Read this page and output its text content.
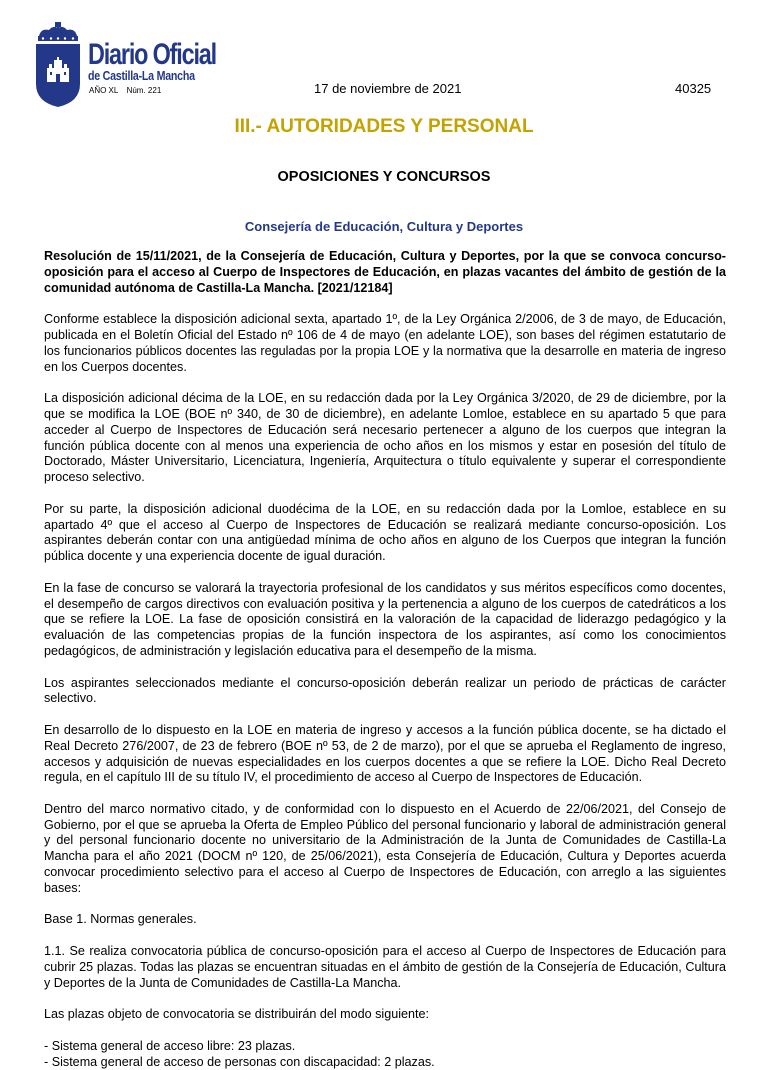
Diario Oficial
de Castilla-La Mancha
AÑO XL Núm. 221	17 de noviembre de 2021	40325
III.- AUTORIDADES Y PERSONAL
OPOSICIONES Y CONCURSOS
Consejería de Educación, Cultura y Deportes

Resolución de 15/11/2021, de la Consejería de Educación, Cultura y Deportes, por la que se convoca concurso-oposición para el acceso al Cuerpo de Inspectores de Educación, en plazas vacantes del ámbito de gestión de la comunidad autónoma de Castilla-La Mancha. [2021/12184]

Conforme establece la disposición adicional sexta, apartado 1º, de la Ley Orgánica 2/2006, de 3 de mayo, de Educación, publicada en el Boletín Oficial del Estado nº 106 de 4 de mayo (en adelante LOE), son bases del régimen estatutario de los funcionarios públicos docentes las reguladas por la propia LOE y la normativa que la desarrolle en materia de ingreso en los Cuerpos docentes.

La disposición adicional décima de la LOE, en su redacción dada por la Ley Orgánica 3/2020, de 29 de diciembre, por la que se modifica la LOE (BOE nº 340, de 30 de diciembre), en adelante Lomloe, establece en su apartado 5 que para acceder al Cuerpo de Inspectores de Educación será necesario pertenecer a alguno de los cuerpos que integran la función pública docente con al menos una experiencia de ocho años en los mismos y estar en posesión del título de Doctorado, Máster Universitario, Licenciatura, Ingeniería, Arquitectura o título equivalente y superar el correspondiente proceso selectivo.

Por su parte, la disposición adicional duodécima de la LOE, en su redacción dada por la Lomloe, establece en su apartado 4º que el acceso al Cuerpo de Inspectores de Educación se realizará mediante concurso-oposición. Los aspirantes deberán contar con una antigüedad mínima de ocho años en alguno de los Cuerpos que integran la función pública docente y una experiencia docente de igual duración.

En la fase de concurso se valorará la trayectoria profesional de los candidatos y sus méritos específicos como docentes, el desempeño de cargos directivos con evaluación positiva y la pertenencia a alguno de los cuerpos de catedráticos a los que se refiere la LOE. La fase de oposición consistirá en la valoración de la capacidad de liderazgo pedagógico y la evaluación de las competencias propias de la función inspectora de los aspirantes, así como los conocimientos pedagógicos, de administración y legislación educativa para el desempeño de la misma.

Los aspirantes seleccionados mediante el concurso-oposición deberán realizar un periodo de prácticas de carácter selectivo.

En desarrollo de lo dispuesto en la LOE en materia de ingreso y accesos a la función pública docente, se ha dictado el Real Decreto 276/2007, de 23 de febrero (BOE nº 53, de 2 de marzo), por el que se aprueba el Reglamento de ingreso, accesos y adquisición de nuevas especialidades en los cuerpos docentes a que se refiere la LOE. Dicho Real Decreto regula, en el capítulo III de su título IV, el procedimiento de acceso al Cuerpo de Inspectores de Educación.

Dentro del marco normativo citado, y de conformidad con lo dispuesto en el Acuerdo de 22/06/2021, del Consejo de Gobierno, por el que se aprueba la Oferta de Empleo Público del personal funcionario y laboral de administración general y del personal funcionario docente no universitario de la Administración de la Junta de Comunidades de Castilla-La Mancha para el año 2021 (DOCM nº 120, de 25/06/2021), esta Consejería de Educación, Cultura y Deportes acuerda convocar procedimiento selectivo para el acceso al Cuerpo de Inspectores de Educación, con arreglo a las siguientes bases:

Base 1. Normas generales.

1.1. Se realiza convocatoria pública de concurso-oposición para el acceso al Cuerpo de Inspectores de Educación para cubrir 25 plazas. Todas las plazas se encuentran situadas en el ámbito de gestión de la Consejería de Educación, Cultura y Deportes de la Junta de Comunidades de Castilla-La Mancha.

Las plazas objeto de convocatoria se distribuirán del modo siguiente:

- Sistema general de acceso libre: 23 plazas.
- Sistema general de acceso de personas con discapacidad: 2 plazas.
